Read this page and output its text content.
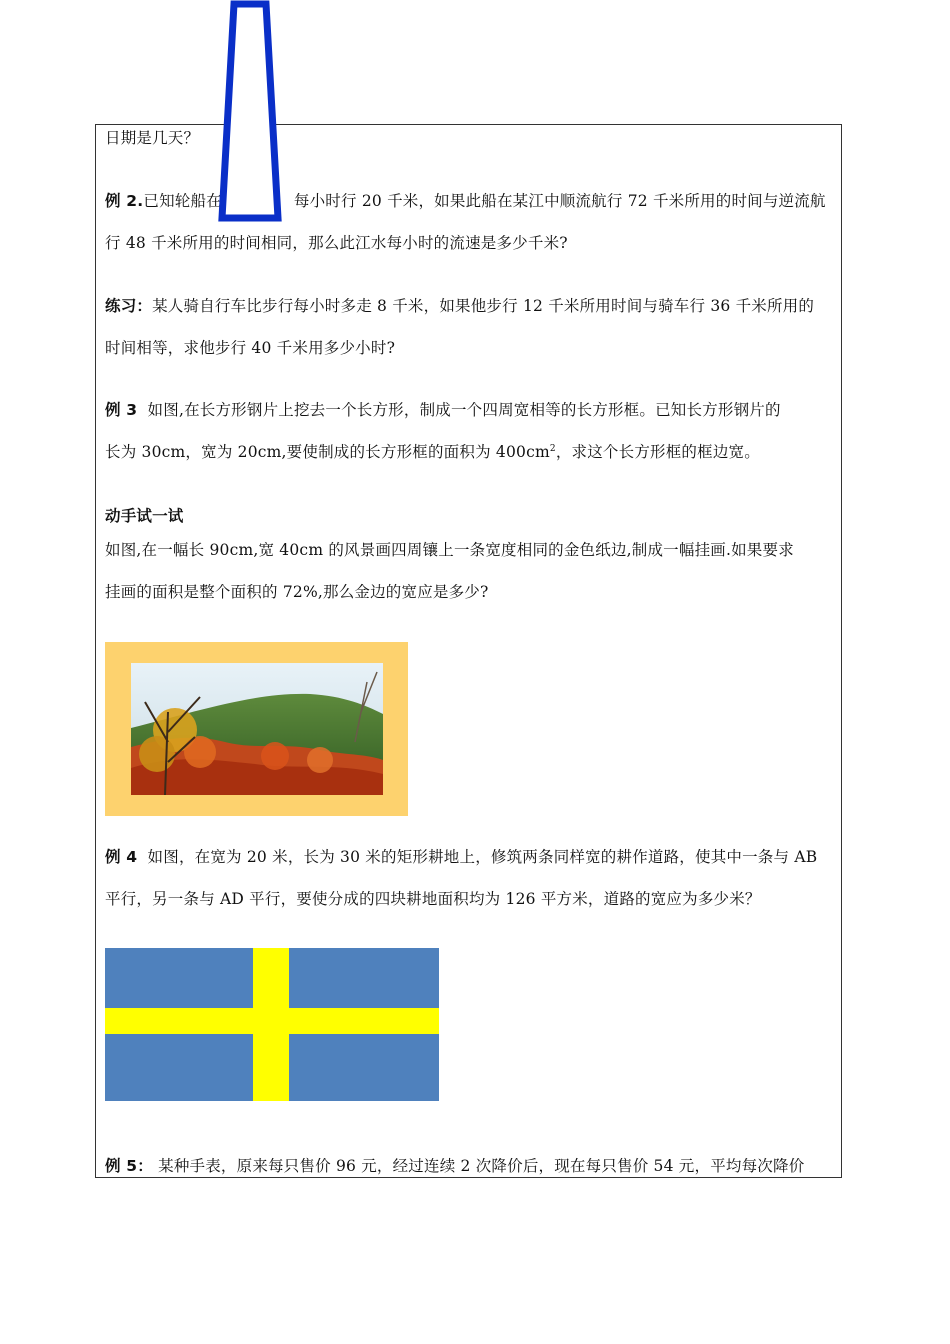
日期是几天？
例 2.已知轮船在	每小时行 20 千米，如果此船在某江中顺流航行 72 千米所用的时间与逆流航
行 48 千米所用的时间相同，那么此江水每小时的流速是多少千米?
练习：某人骑自行车比步行每小时多走 8 千米，如果他步行 12 千米所用时间与骑车行 36 千米所用的
时间相等，求他步行 40 千米用多少小时?
例 3 如图,在长方形钢片上挖去一个长方形，制成一个四周宽相等的长方形框。已知长方形钢片的
长为 30cm，宽为 20cm,要使制成的长方形框的面积为 $400cm^2$，求这个长方形框的框边宽。
动手试一试
如图,在一幅长 90cm,宽 40cm 的风景画四周镶上一条宽度相同的金色纸边,制成一幅挂画.如果要求
挂画的面积是整个面积的 72%,那么金边的宽应是多少?
例 4 如图，在宽为 20 米，长为 30 米的矩形耕地上，修筑两条同样宽的耕作道路，使其中一条与 AB
平行，另一条与 AD 平行，要使分成的四块耕地面积均为 126 平方米，道路的宽应为多少米？
例 5： 某种手表，原来每只售价 96 元，经过连续 2 次降价后，现在每只售价 54 元，平均每次降价
